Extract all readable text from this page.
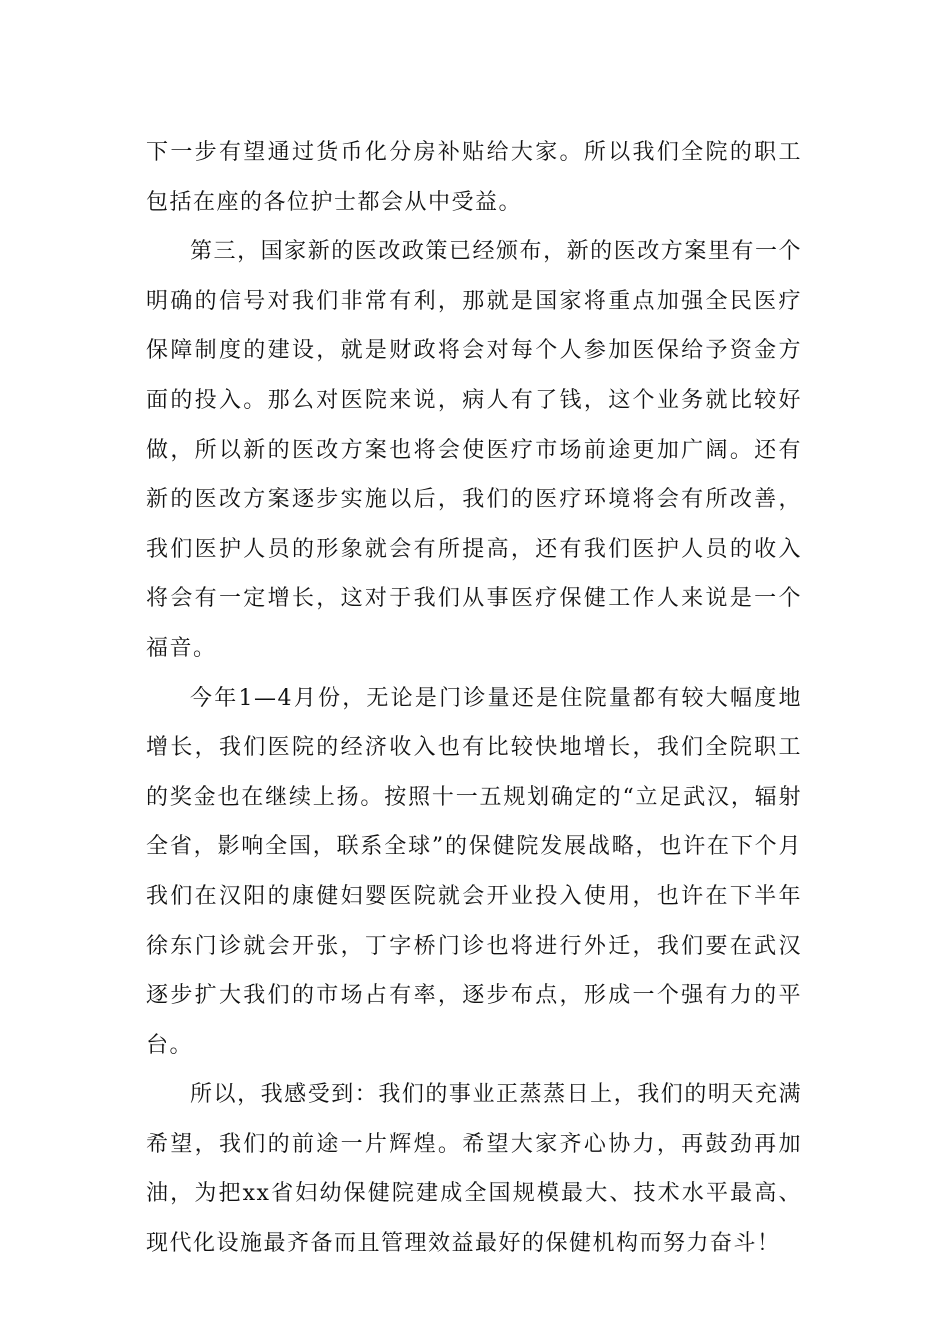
下一步有望通过货币化分房补贴给大家。所以我们全院的职工包括在座的各位护士都会从中受益。

第三，国家新的医改政策已经颁布，新的医改方案里有一个明确的信号对我们非常有利，那就是国家将重点加强全民医疗保障制度的建设，就是财政将会对每个人参加医保给予资金方面的投入。那么对医院来说，病人有了钱，这个业务就比较好做，所以新的医改方案也将会使医疗市场前途更加广阔。还有新的医改方案逐步实施以后，我们的医疗环境将会有所改善，我们医护人员的形象就会有所提高，还有我们医护人员的收入将会有一定增长，这对于我们从事医疗保健工作人来说是一个福音。

今年1—4月份，无论是门诊量还是住院量都有较大幅度地增长，我们医院的经济收入也有比较快地增长，我们全院职工的奖金也在继续上扬。按照十一五规划确定的“立足武汉，辐射全省，影响全国，联系全球”的保健院发展战略，也许在下个月我们在汉阳的康健妇婴医院就会开业投入使用，也许在下半年徐东门诊就会开张，丁字桥门诊也将进行外迁，我们要在武汉逐步扩大我们的市场占有率，逐步布点，形成一个强有力的平台。

所以，我感受到：我们的事业正蒸蒸日上，我们的明天充满希望，我们的前途一片辉煌。希望大家齐心协力，再鼓劲再加油，为把xx省妇幼保健院建成全国规模最大、技术水平最高、现代化设施最齐备而且管理效益最好的保健机构而努力奋斗！
